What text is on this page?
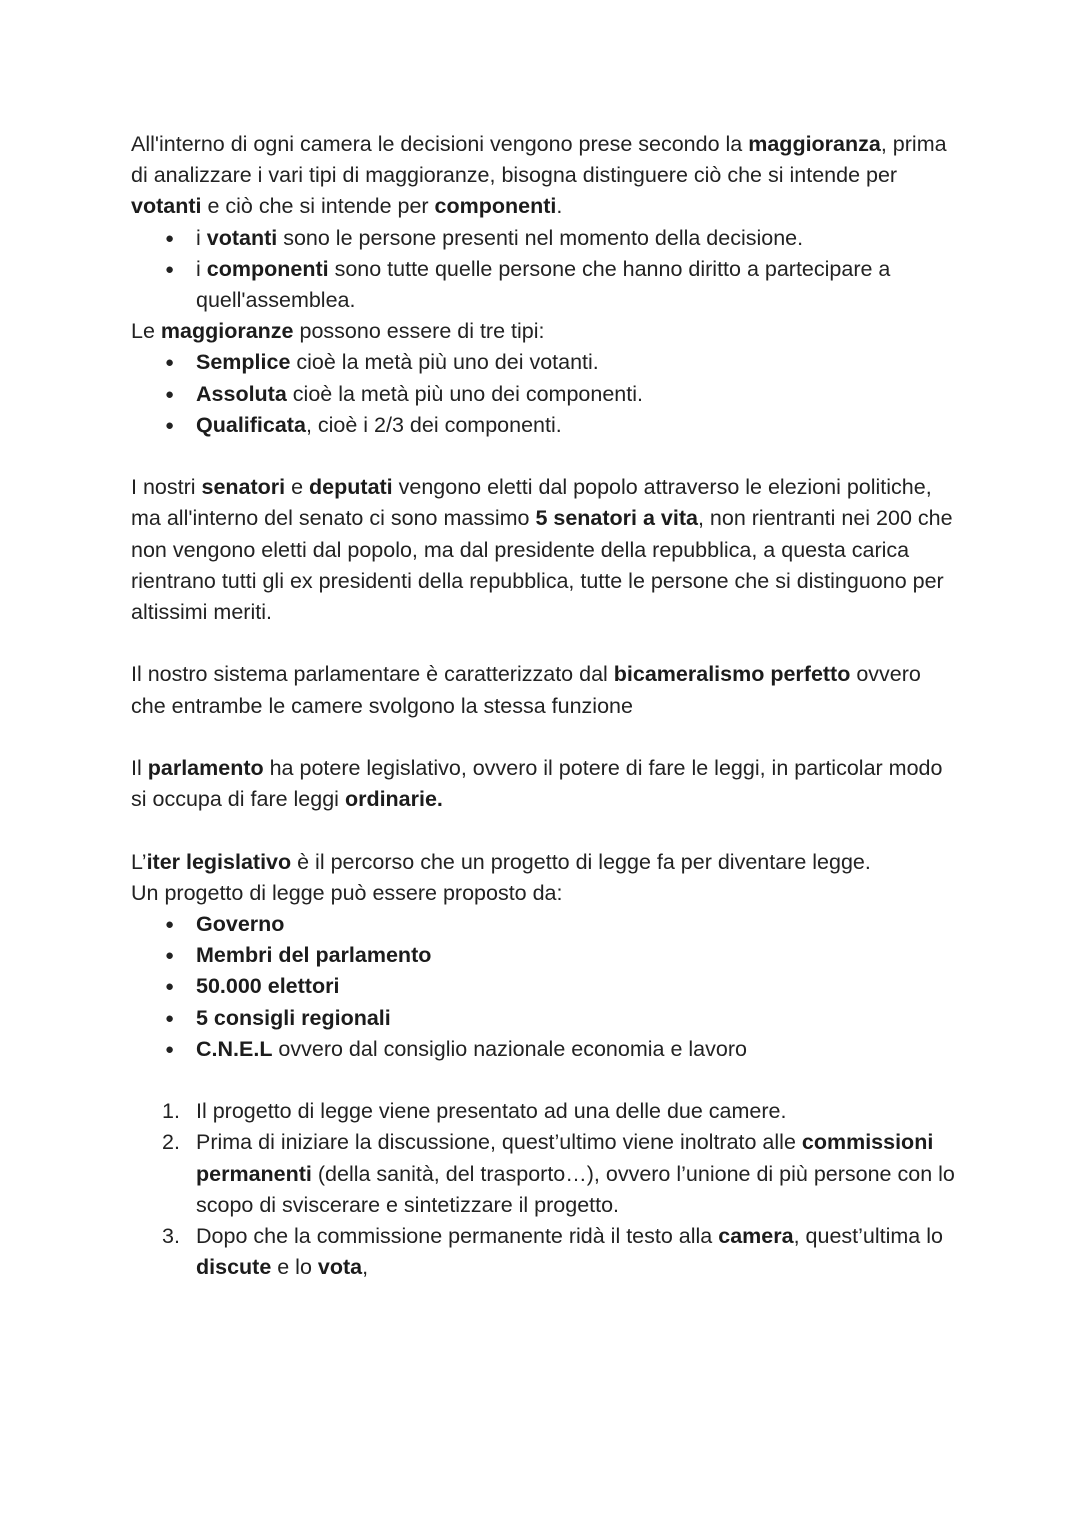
All'interno di ogni camera le decisioni vengono prese secondo la maggioranza, prima di analizzare i vari tipi di maggioranze, bisogna distinguere ciò che si intende per votanti e ciò che si intende per componenti.

● i votanti sono le persone presenti nel momento della decisione.
● i componenti sono tutte quelle persone che hanno diritto a partecipare a quell'assemblea.

Le maggioranze possono essere di tre tipi:

● Semplice cioè la metà più uno dei votanti.
● Assoluta cioè la metà più uno dei componenti.
● Qualificata, cioè i 2/3 dei componenti.

I nostri senatori e deputati vengono eletti dal popolo attraverso le elezioni politiche, ma all'interno del senato ci sono massimo 5 senatori a vita, non rientranti nei 200 che non vengono eletti dal popolo, ma dal presidente della repubblica, a questa carica rientrano tutti gli ex presidenti della repubblica, tutte le persone che si distinguono per altissimi meriti.

Il nostro sistema parlamentare è caratterizzato dal bicameralismo perfetto ovvero che entrambe le camere svolgono la stessa funzione

Il parlamento ha potere legislativo, ovvero il potere di fare le leggi, in particolar modo si occupa di fare leggi ordinarie.

L’iter legislativo è il percorso che un progetto di legge fa per diventare legge.

Un progetto di legge può essere proposto da:

● Governo
● Membri del parlamento
● 50.000 elettori
● 5 consigli regionali
● C.N.E.L ovvero dal consiglio nazionale economia e lavoro
1. Il progetto di legge viene presentato ad una delle due camere.
2. Prima di iniziare la discussione, quest’ultimo viene inoltrato alle commissioni permanenti (della sanità, del trasporto…), ovvero l’unione di più persone con lo scopo di sviscerare e sintetizzare il progetto.
3. Dopo che la commissione permanente ridà il testo alla camera, quest’ultima lo discute e lo vota,
